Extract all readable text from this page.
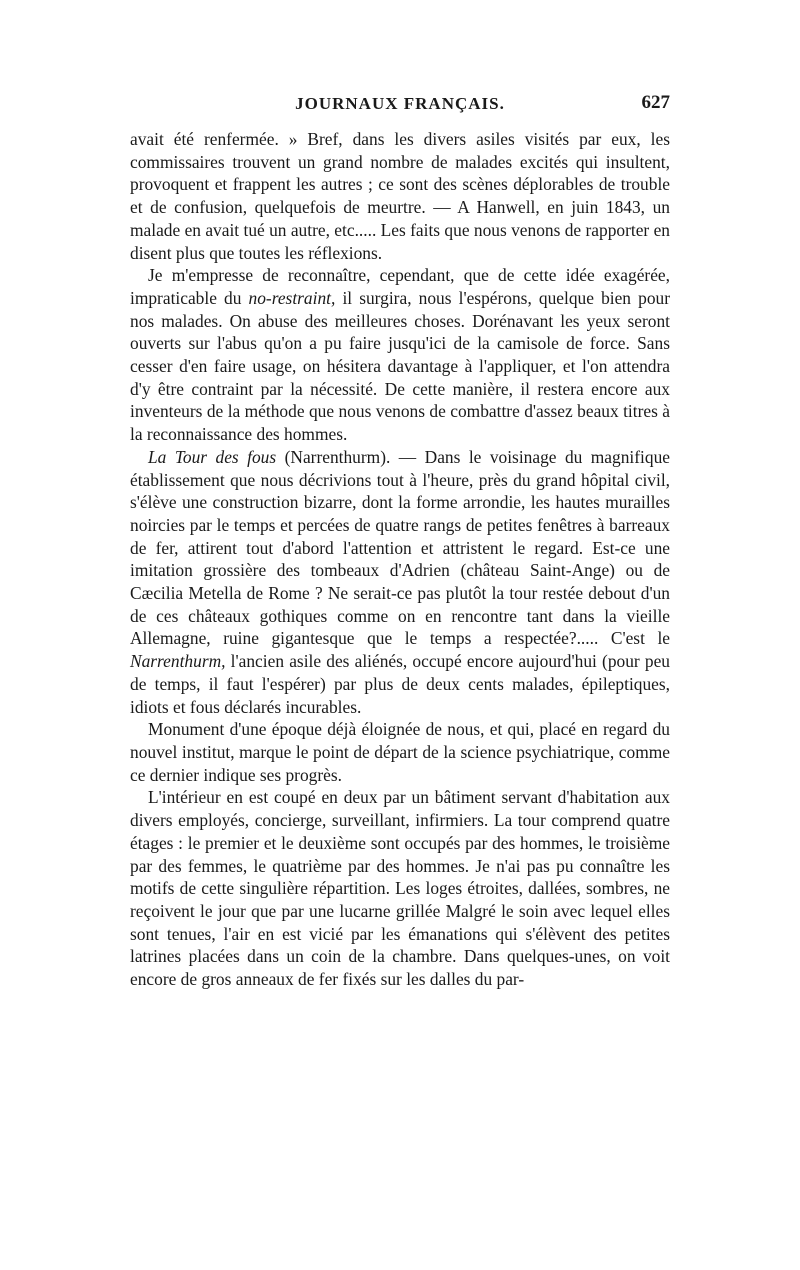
JOURNAUX FRANÇAIS.	627

avait été renfermée. » Bref, dans les divers asiles visités par eux, les commissaires trouvent un grand nombre de malades excités qui insultent, provoquent et frappent les autres ; ce sont des scènes déplorables de trouble et de confusion, quelquefois de meurtre. — A Hanwell, en juin 1843, un malade en avait tué un autre, etc..... Les faits que nous venons de rapporter en disent plus que toutes les réflexions.

Je m'empresse de reconnaître, cependant, que de cette idée exagérée, impraticable du no-restraint, il surgira, nous l'espérons, quelque bien pour nos malades. On abuse des meilleures choses. Dorénavant les yeux seront ouverts sur l'abus qu'on a pu faire jusqu'ici de la camisole de force. Sans cesser d'en faire usage, on hésitera davantage à l'appliquer, et l'on attendra d'y être contraint par la nécessité. De cette manière, il restera encore aux inventeurs de la méthode que nous venons de combattre d'assez beaux titres à la reconnaissance des hommes.

La Tour des fous (Narrenthurm). — Dans le voisinage du magnifique établissement que nous décrivions tout à l'heure, près du grand hôpital civil, s'élève une construction bizarre, dont la forme arrondie, les hautes murailles noircies par le temps et percées de quatre rangs de petites fenêtres à barreaux de fer, attirent tout d'abord l'attention et attristent le regard. Est-ce une imitation grossière des tombeaux d'Adrien (château Saint-Ange) ou de Cæcilia Metella de Rome ? Ne serait-ce pas plutôt la tour restée debout d'un de ces châteaux gothiques comme on en rencontre tant dans la vieille Allemagne, ruine gigantesque que le temps a respectée?..... C'est le Narrenthurm, l'ancien asile des aliénés, occupé encore aujourd'hui (pour peu de temps, il faut l'espérer) par plus de deux cents malades, épileptiques, idiots et fous déclarés incurables.

Monument d'une époque déjà éloignée de nous, et qui, placé en regard du nouvel institut, marque le point de départ de la science psychiatrique, comme ce dernier indique ses progrès.

L'intérieur en est coupé en deux par un bâtiment servant d'habitation aux divers employés, concierge, surveillant, infirmiers. La tour comprend quatre étages : le premier et le deuxième sont occupés par des hommes, le troisième par des femmes, le quatrième par des hommes. Je n'ai pas pu connaître les motifs de cette singulière répartition. Les loges étroites, dallées, sombres, ne reçoivent le jour que par une lucarne grillée Malgré le soin avec lequel elles sont tenues, l'air en est vicié par les émanations qui s'élèvent des petites latrines placées dans un coin de la chambre. Dans quelques-unes, on voit encore de gros anneaux de fer fixés sur les dalles du par-
